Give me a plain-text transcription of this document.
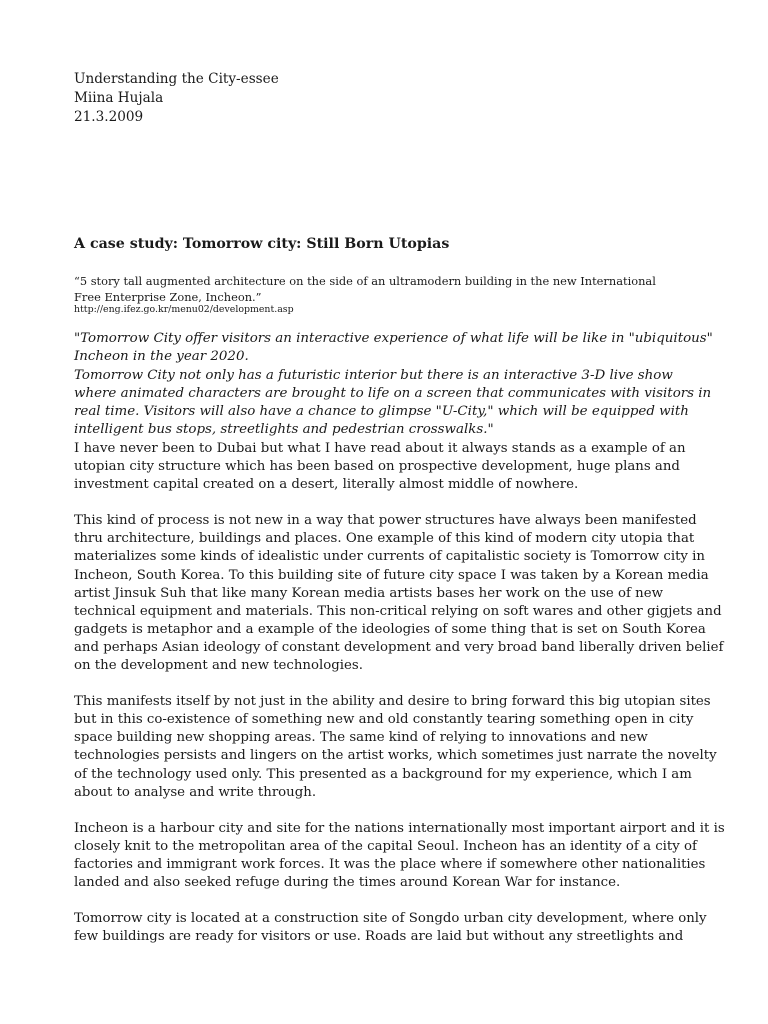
Understanding the City-essee

Miina Hujala

21.3.2009

A case study: Tomorrow city: Still Born Utopias

“5 story tall augmented architecture on the side of an ultramodern building in the new International Free Enterprise Zone, Incheon.”

http://eng.ifez.go.kr/menu02/development.asp

"Tomorrow City offer visitors an interactive experience of what life will be like in "ubiquitous" Incheon in the year 2020.

Tomorrow City not only has a futuristic interior but there is an interactive 3-D live show where animated characters are brought to life on a screen that communicates with visitors in real time. Visitors will also have a chance to glimpse "U-City," which will be equipped with intelligent bus stops, streetlights and pedestrian crosswalks."

I have never been to Dubai but what I have read about it always stands as a example of an utopian city structure which has been based on prospective development, huge plans and investment capital created on a desert, literally almost middle of nowhere.

This kind of process is not new in a way that power structures have always been manifested thru architecture, buildings and places. One example of this kind of modern city utopia that materializes some kinds of idealistic under currents of capitalistic society is Tomorrow city in Incheon, South Korea. To this building site of future city space I was taken by a Korean media artist Jinsuk Suh that like many Korean media artists bases her work on the use of new technical equipment and materials. This non-critical relying on soft wares and other gigjets and gadgets is metaphor and a example of the ideologies of some thing that is set on South Korea and perhaps Asian ideology of constant development and very broad band liberally driven belief on the development and new technologies.

This manifests itself by not just in the ability and desire to bring forward this big utopian sites but in this co-existence of something new and old constantly tearing something open in city space building new shopping areas. The same kind of relying to innovations and new technologies persists and lingers on the artist works, which sometimes just narrate the novelty of the technology used only. This presented as a background for my experience, which I am about to analyse and write through.

Incheon is a harbour city and site for the nations internationally most important airport and it is closely knit to the metropolitan area of the capital Seoul. Incheon has an identity of a city of factories and immigrant work forces. It was the place where if somewhere other nationalities landed and also seeked refuge during the times around Korean War for instance.

Tomorrow city is located at a construction site of Songdo urban city development, where only few buildings are ready for visitors or use. Roads are laid but without any streetlights and
